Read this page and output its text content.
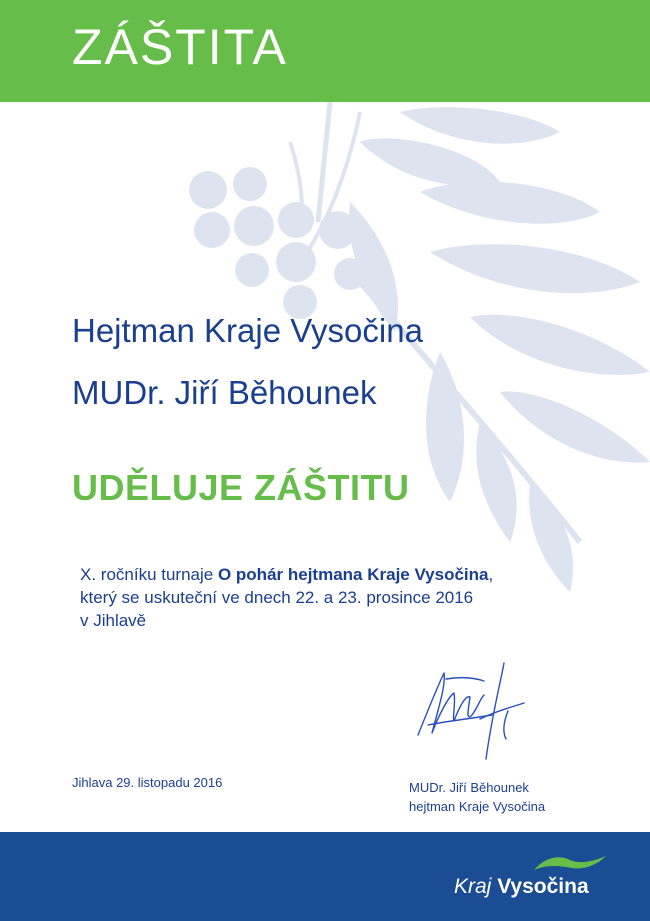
ZÁŠTITA
Hejtman Kraje Vysočina
MUDr. Jiří Běhounek
UDĚLUJE ZÁŠTITU
X. ročníku turnaje O pohár hejtmana Kraje Vysočina,
který se uskuteční ve dnech 22. a 23. prosince 2016
v Jihlavě
Jihlava 29. listopadu 2016	MUDr. Jiří Běhounek
hejtman Kraje Vysočina
Kraj Vysočina
